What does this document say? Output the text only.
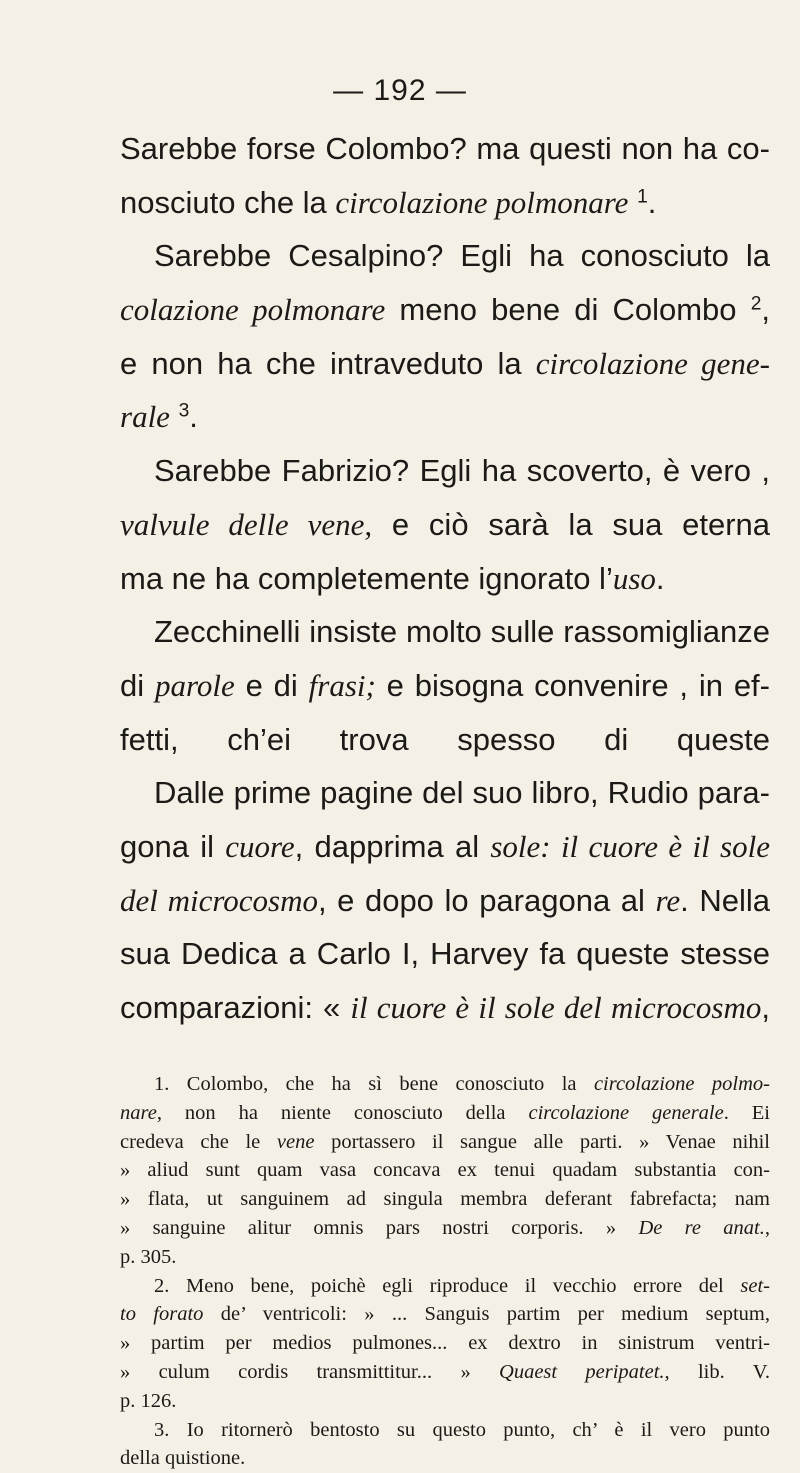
— 192 —
Sarebbe forse Colombo? ma questi non ha co-
nosciuto che la circolazione polmonare $^1$.
Sarebbe Cesalpino? Egli ha conosciuto la
colazione polmonare meno bene di Colombo $^2$,
e non ha che intraveduto la circolazione gene-
rale $^3$.
Sarebbe Fabrizio? Egli ha scoverto, è vero ,
valvule delle vene, e ciò sarà la sua eterna
ma ne ha completemente ignorato l’uso.
Zecchinelli insiste molto sulle rassomiglianze
di parole e di frasi; e bisogna convenire , in ef-
fetti, ch’ei trova spesso di queste
Dalle prime pagine del suo libro, Rudio para-
gona il cuore, dapprima al sole: il cuore è il sole
del microcosmo, e dopo lo paragona al re. Nella
sua Dedica a Carlo I, Harvey fa queste stesse
comparazioni: « il cuore è il sole del microcosmo,
1. Colombo, che ha sì bene conosciuto la circolazione polmo-
nare, non ha niente conosciuto della circolazione generale. Ei
credeva che le vene portassero il sangue alle parti. » Venae nihil
» aliud sunt quam vasa concava ex tenui quadam substantia con-
» flata, ut sanguinem ad singula membra deferant fabrefacta; nam
» sanguine alitur omnis pars nostri corporis. » De re anat.,
p. 305.
2. Meno bene, poichè egli riproduce il vecchio errore del set-
to forato de’ ventricoli: » ... Sanguis partim per medium septum,
» partim per medios pulmones... ex dextro in sinistrum ventri-
» culum cordis transmittitur... » Quaest peripatet., lib. V.
p. 126.
3. Io ritornerò bentosto su questo punto, ch’ è il vero punto
della quistione.
